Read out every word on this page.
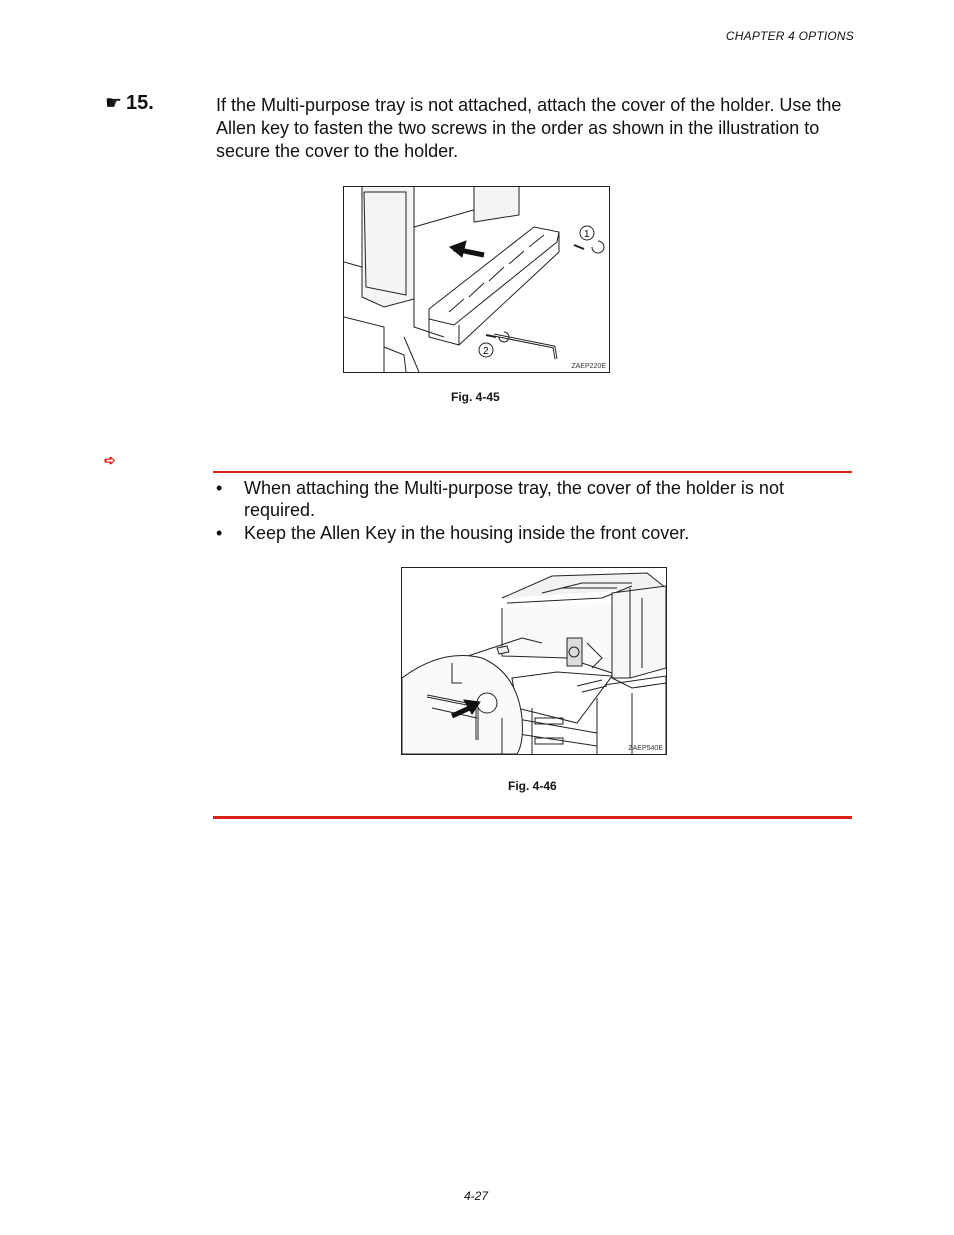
CHAPTER 4 OPTIONS
☛ 15.	If the Multi-purpose tray is not attached, attach the cover of the holder. Use the Allen key to fasten the two screws in the order as shown in the illustration to secure the cover to the holder.
1
2
ZAEP220E
Fig. 4-45
➪
• When attaching the Multi-purpose tray, the cover of the holder is not required.
• Keep the Allen Key in the housing inside the front cover.
ZAEP540E
Fig. 4-46
4-27
